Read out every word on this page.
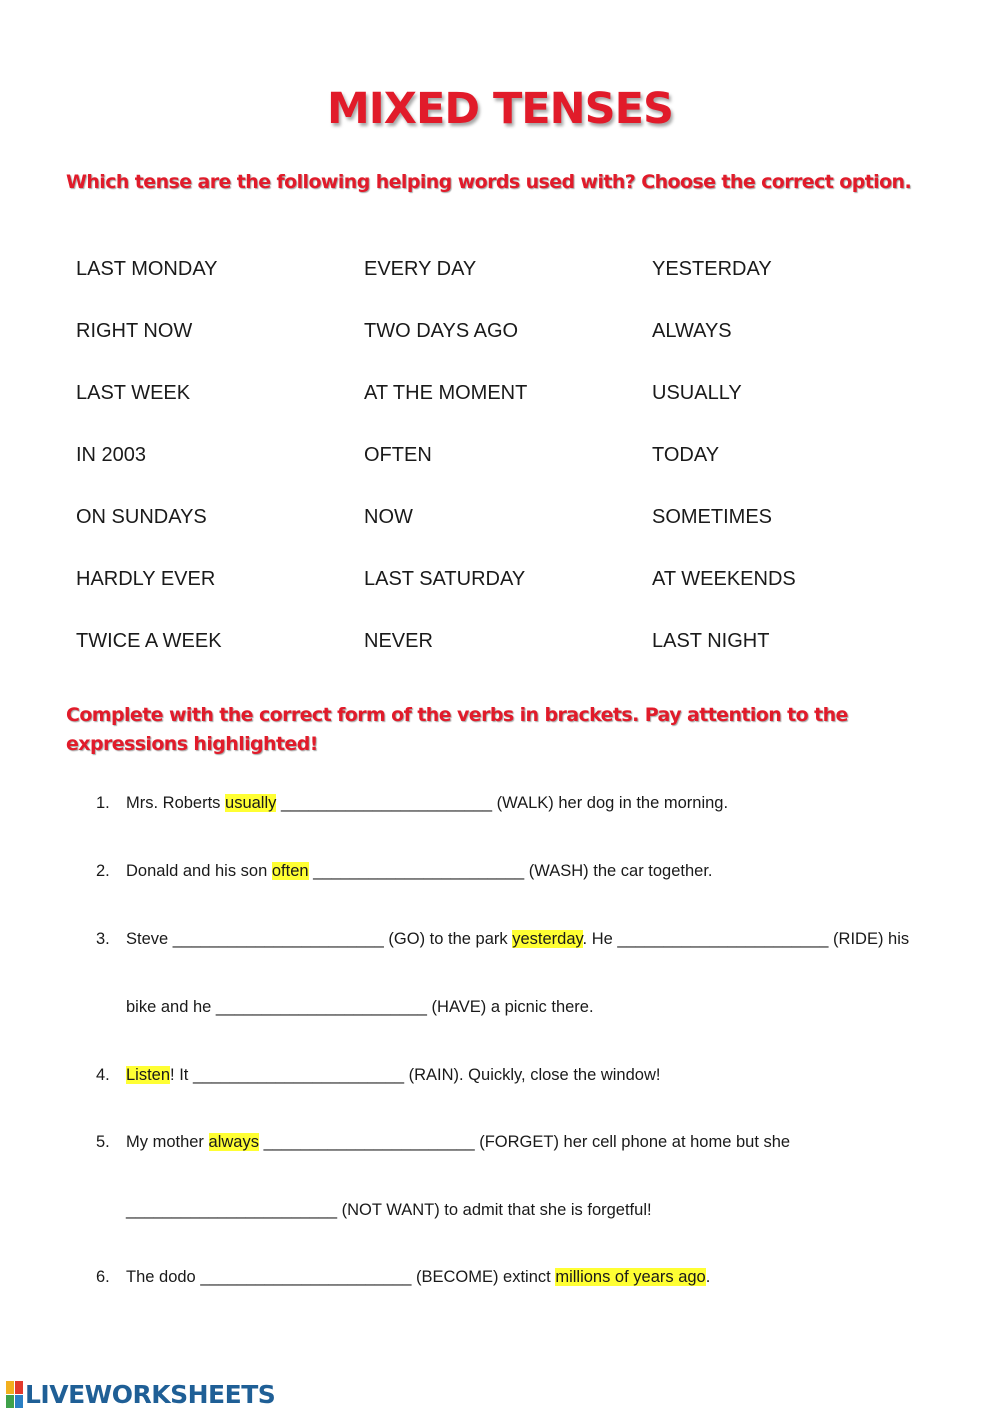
MIXED TENSES
Which tense are the following helping words used with? Choose the correct option.
LAST MONDAY	EVERY DAY	YESTERDAY
RIGHT NOW	TWO DAYS AGO	ALWAYS
LAST WEEK	AT THE MOMENT	USUALLY
IN 2003	OFTEN	TODAY
ON SUNDAYS	NOW	SOMETIMES
HARDLY EVER	LAST SATURDAY	AT WEEKENDS
TWICE A WEEK	NEVER	LAST NIGHT
Complete with the correct form of the verbs in brackets. Pay attention to the expressions highlighted!
1. Mrs. Roberts usually _______________________ (WALK) her dog in the morning.
2. Donald and his son often _______________________ (WASH) the car together.
3. Steve _______________________ (GO) to the park yesterday. He _______________________ (RIDE) his
bike and he _______________________ (HAVE) a picnic there.
4. Listen! It _______________________ (RAIN). Quickly, close the window!
5. My mother always _______________________ (FORGET) her cell phone at home but she
_______________________ (NOT WANT) to admit that she is forgetful!
6. The dodo _______________________ (BECOME) extinct millions of years ago.
LIVEWORKSHEETS
